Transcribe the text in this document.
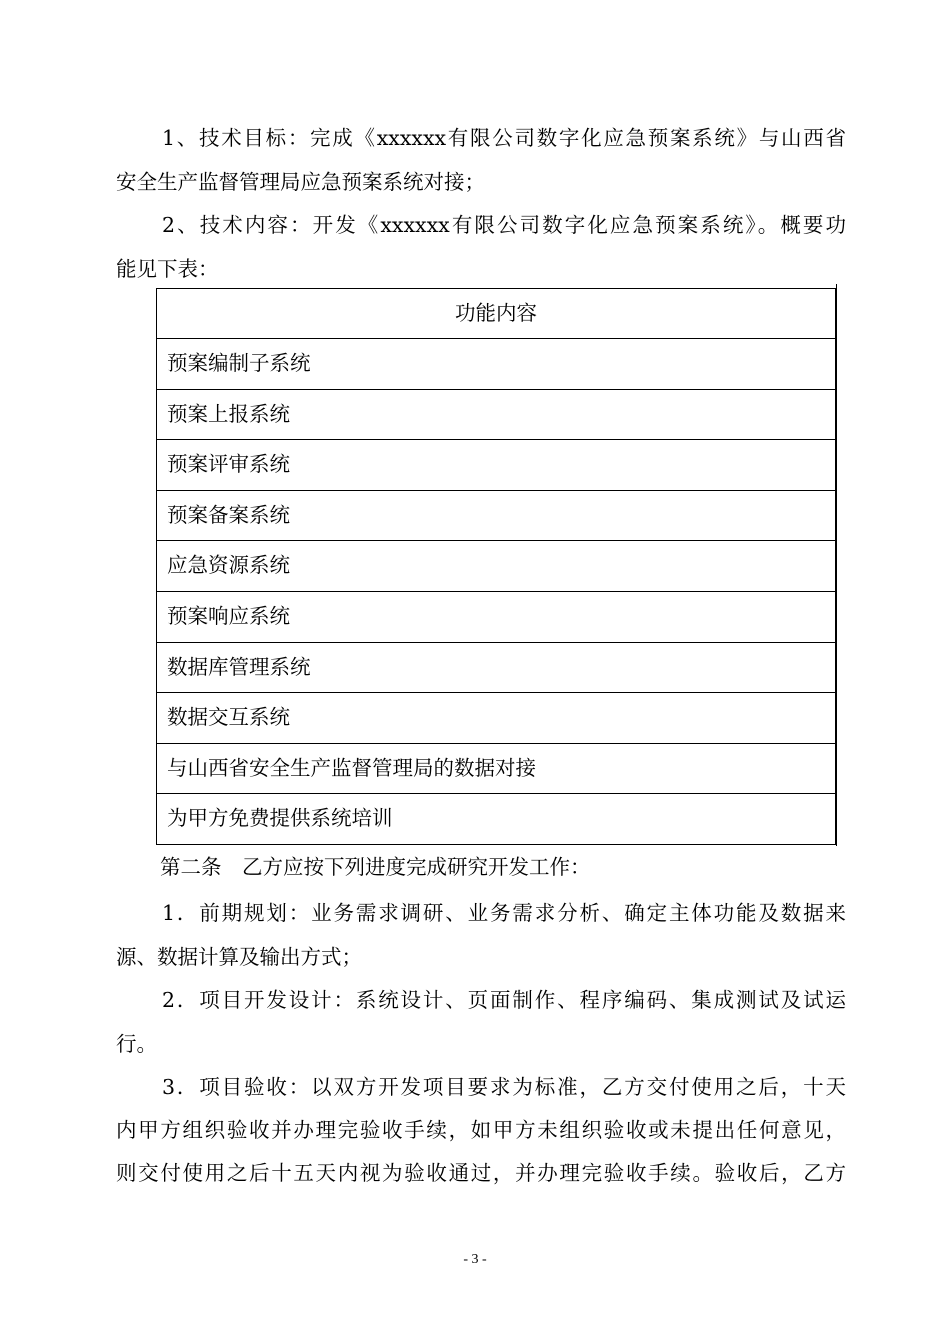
1、技术目标：完成《xxxxxx有限公司数字化应急预案系统》与山西省
安全生产监督管理局应急预案系统对接；
2、技术内容：开发《xxxxxx有限公司数字化应急预案系统》。概要功
能见下表：
功能内容
预案编制子系统
预案上报系统
预案评审系统
预案备案系统
应急资源系统
预案响应系统
数据库管理系统
数据交互系统
与山西省安全生产监督管理局的数据对接
为甲方免费提供系统培训
第二条　乙方应按下列进度完成研究开发工作：
1．前期规划：业务需求调研、业务需求分析、确定主体功能及数据来
源、数据计算及输出方式；
2．项目开发设计：系统设计、页面制作、程序编码、集成测试及试运
行。
3．项目验收：以双方开发项目要求为标准，乙方交付使用之后，十天
内甲方组织验收并办理完验收手续，如甲方未组织验收或未提出任何意见，
则交付使用之后十五天内视为验收通过，并办理完验收手续。验收后，乙方
- 3 -
